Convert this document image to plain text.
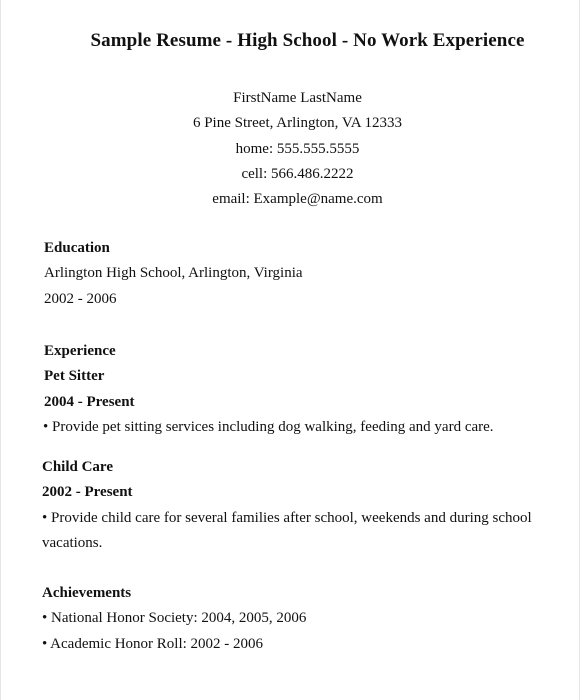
Sample Resume - High School - No Work Experience
FirstName LastName
6 Pine Street, Arlington, VA 12333
home: 555.555.5555
cell: 566.486.2222
email: Example@name.com
Education
Arlington High School, Arlington, Virginia
2002 - 2006
Experience
Pet Sitter
2004 - Present
• Provide pet sitting services including dog walking, feeding and yard care.
Child Care
2002 - Present
• Provide child care for several families after school, weekends and during school vacations.
Achievements
• National Honor Society: 2004, 2005, 2006
• Academic Honor Roll: 2002 - 2006
